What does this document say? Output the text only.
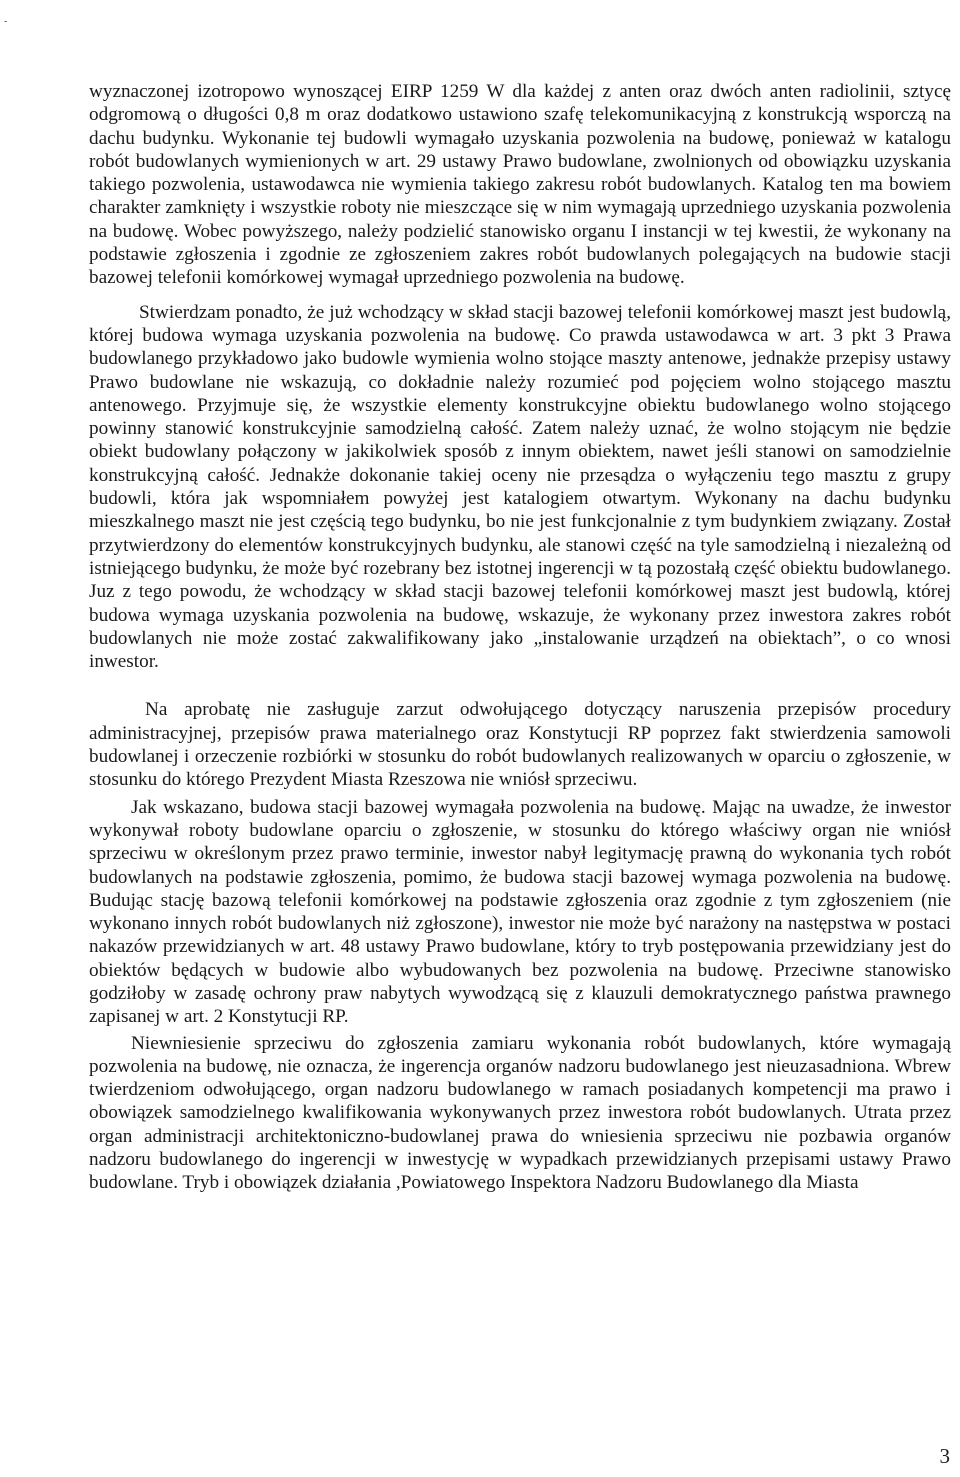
-

wyznaczonej izotropowo wynoszącej EIRP 1259 W dla każdej z anten oraz dwóch anten radiolinii, sztycę odgromową o długości 0,8 m oraz dodatkowo ustawiono szafę telekomunikacyjną z konstrukcją wsporczą na dachu budynku. Wykonanie tej budowli wymagało uzyskania pozwolenia na budowę, ponieważ w katalogu robót budowlanych wymienionych w art. 29 ustawy Prawo budowlane, zwolnionych od obowiązku uzyskania takiego pozwolenia, ustawodawca nie wymienia takiego zakresu robót budowlanych. Katalog ten ma bowiem charakter zamknięty i wszystkie roboty nie mieszczące się w nim wymagają uprzedniego uzyskania pozwolenia na budowę. Wobec powyższego, należy podzielić stanowisko organu I instancji w tej kwestii, że wykonany na podstawie zgłoszenia i zgodnie ze zgłoszeniem zakres robót budowlanych polegających na budowie stacji bazowej telefonii komórkowej wymagał uprzedniego pozwolenia na budowę.

Stwierdzam ponadto, że już wchodzący w skład stacji bazowej telefonii komórkowej maszt jest budowlą, której budowa wymaga uzyskania pozwolenia na budowę. Co prawda ustawodawca w art. 3 pkt 3 Prawa budowlanego przykładowo jako budowle wymienia wolno stojące maszty antenowe, jednakże przepisy ustawy Prawo budowlane nie wskazują, co dokładnie należy rozumieć pod pojęciem wolno stojącego masztu antenowego. Przyjmuje się, że wszystkie elementy konstrukcyjne obiektu budowlanego wolno stojącego powinny stanowić konstrukcyjnie samodzielną całość. Zatem należy uznać, że wolno stojącym nie będzie obiekt budowlany połączony w jakikolwiek sposób z innym obiektem, nawet jeśli stanowi on samodzielnie konstrukcyjną całość. Jednakże dokonanie takiej oceny nie przesądza o wyłączeniu tego masztu z grupy budowli, która jak wspomniałem powyżej jest katalogiem otwartym. Wykonany na dachu budynku mieszkalnego maszt nie jest częścią tego budynku, bo nie jest funkcjonalnie z tym budynkiem związany. Został przytwierdzony do elementów konstrukcyjnych budynku, ale stanowi część na tyle samodzielną i niezależną od istniejącego budynku, że może być rozebrany bez istotnej ingerencji w tą pozostałą część obiektu budowlanego. Juz z tego powodu, że wchodzący w skład stacji bazowej telefonii komórkowej maszt jest budowlą, której budowa wymaga uzyskania pozwolenia na budowę, wskazuje, że wykonany przez inwestora zakres robót budowlanych nie może zostać zakwalifikowany jako „instalowanie urządzeń na obiektach”, o co wnosi inwestor.

Na aprobatę nie zasługuje zarzut odwołującego dotyczący naruszenia przepisów procedury administracyjnej, przepisów prawa materialnego oraz Konstytucji RP poprzez fakt stwierdzenia samowoli budowlanej i orzeczenie rozbiórki w stosunku do robót budowlanych realizowanych w oparciu o zgłoszenie, w stosunku do którego Prezydent Miasta Rzeszowa nie wniósł sprzeciwu.

Jak wskazano, budowa stacji bazowej wymagała pozwolenia na budowę. Mając na uwadze, że inwestor wykonywał roboty budowlane oparciu o zgłoszenie, w stosunku do którego właściwy organ nie wniósł sprzeciwu w określonym przez prawo terminie, inwestor nabył legitymację prawną do wykonania tych robót budowlanych na podstawie zgłoszenia, pomimo, że budowa stacji bazowej wymaga pozwolenia na budowę. Budując stację bazową telefonii komórkowej na podstawie zgłoszenia oraz zgodnie z tym zgłoszeniem (nie wykonano innych robót budowlanych niż zgłoszone), inwestor nie może być narażony na następstwa w postaci nakazów przewidzianych w art. 48 ustawy Prawo budowlane, który to tryb postępowania przewidziany jest do obiektów będących w budowie albo wybudowanych bez pozwolenia na budowę. Przeciwne stanowisko godziłoby w zasadę ochrony praw nabytych wywodzącą się z klauzuli demokratycznego państwa prawnego zapisanej w art. 2 Konstytucji RP.

Niewniesienie sprzeciwu do zgłoszenia zamiaru wykonania robót budowlanych, które wymagają pozwolenia na budowę, nie oznacza, że ingerencja organów nadzoru budowlanego jest nieuzasadniona. Wbrew twierdzeniom odwołującego, organ nadzoru budowlanego w ramach posiadanych kompetencji ma prawo i obowiązek samodzielnego kwalifikowania wykonywanych przez inwestora robót budowlanych. Utrata przez organ administracji architektoniczno-budowlanej prawa do wniesienia sprzeciwu nie pozbawia organów nadzoru budowlanego do ingerencji w inwestycję w wypadkach przewidzianych przepisami ustawy Prawo budowlane. Tryb i obowiązek działania ,Powiatowego Inspektora Nadzoru Budowlanego dla Miasta

3
